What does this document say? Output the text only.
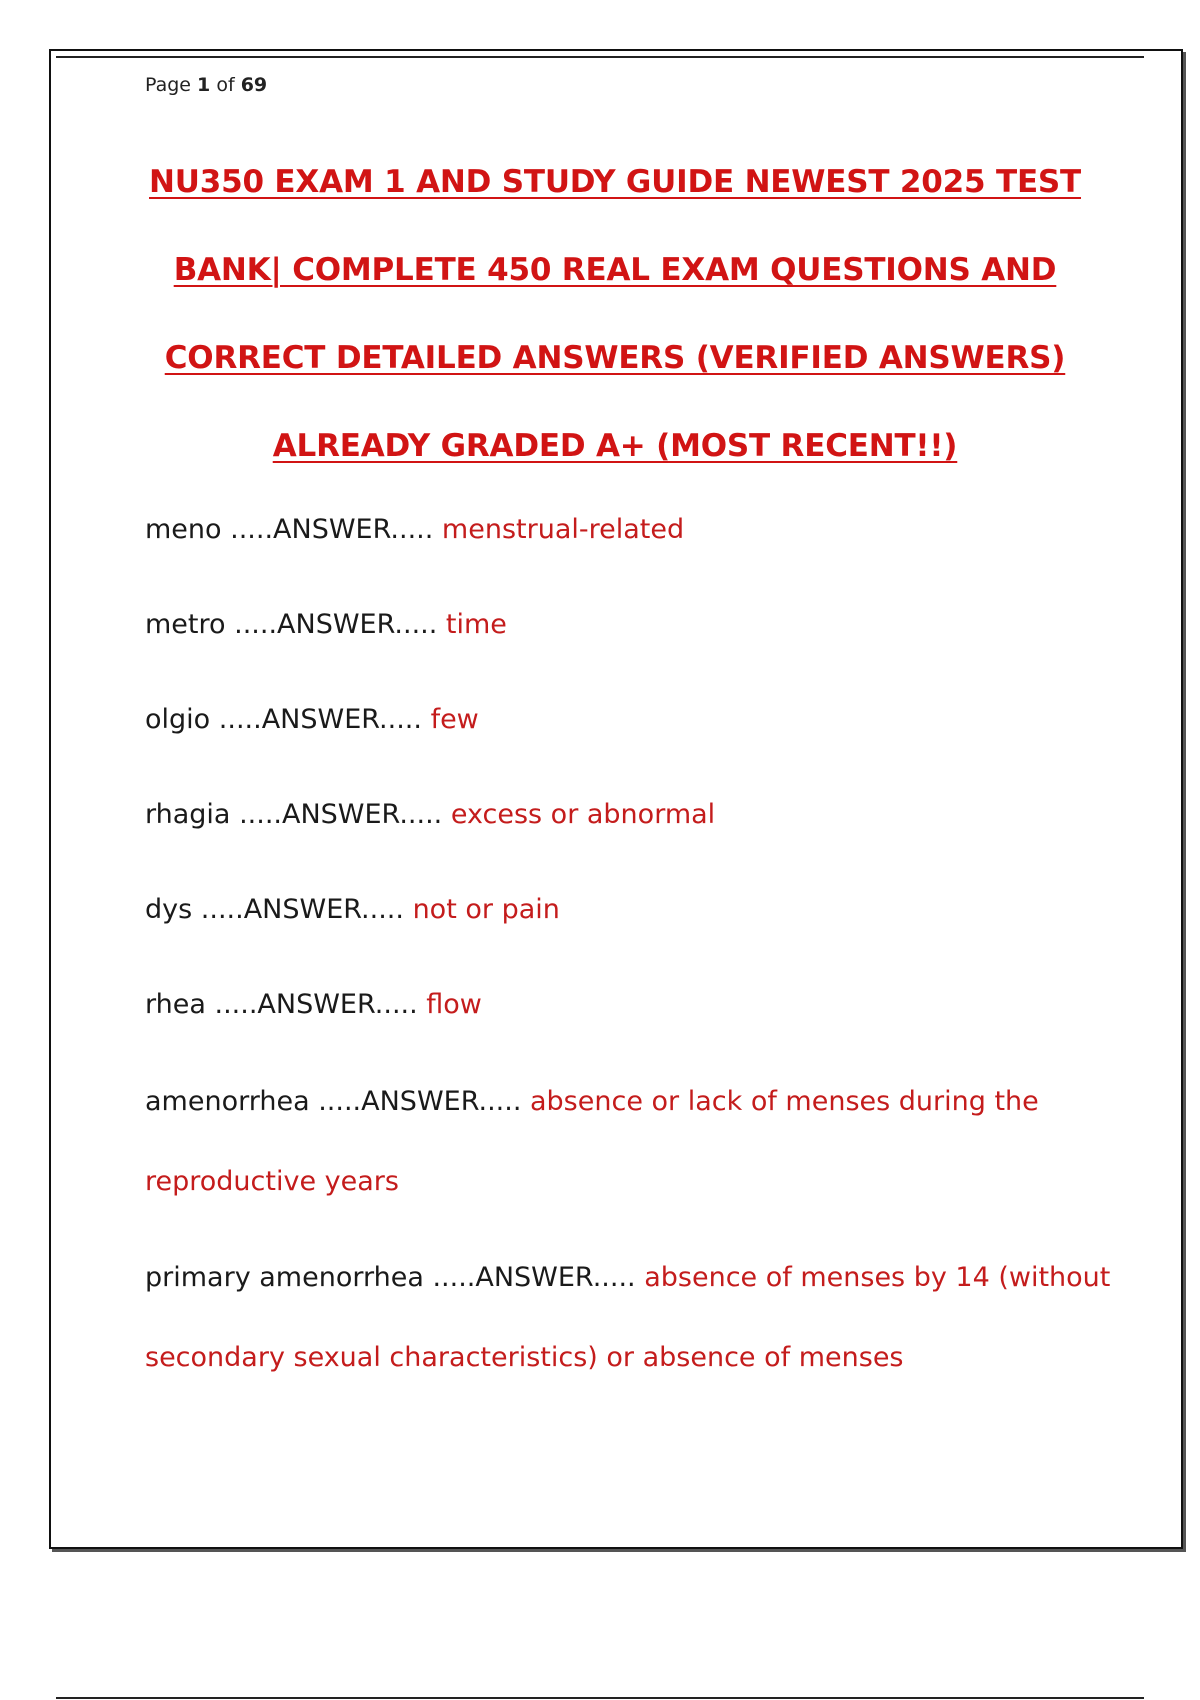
Page 1 of 69
NU350 EXAM 1 AND STUDY GUIDE NEWEST 2025 TEST
BANK| COMPLETE 450 REAL EXAM QUESTIONS AND
CORRECT DETAILED ANSWERS (VERIFIED ANSWERS)
ALREADY GRADED A+ (MOST RECENT!!)
meno .....ANSWER..... menstrual-related
metro .....ANSWER..... time
olgio .....ANSWER..... few
rhagia .....ANSWER..... excess or abnormal
dys .....ANSWER..... not or pain
rhea .....ANSWER..... flow
amenorrhea .....ANSWER..... absence or lack of menses during the reproductive years
primary amenorrhea .....ANSWER..... absence of menses by 14 (without secondary sexual characteristics) or absence of menses
